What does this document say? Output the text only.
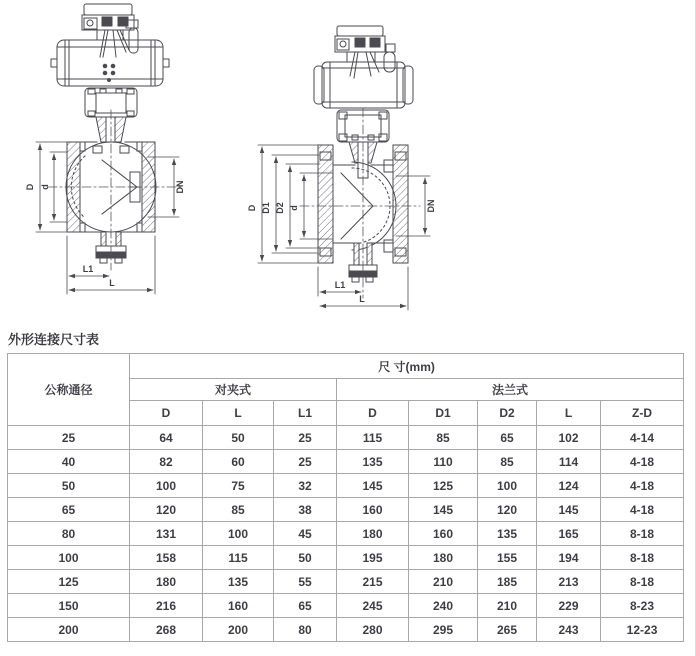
D d	DN
L1
L
D D1 D2 d	DN
L1
L
外形连接尺寸表
公称通径	尺 寸(mm)							
	对夹式			法兰式				
	D	L	L1	D	D1	D2	L	Z-D
25	64	50	25	115	85	65	102	4-14
40	82	60	25	135	110	85	114	4-18
50	100	75	32	145	125	100	124	4-18
65	120	85	38	160	145	120	145	4-18
80	131	100	45	180	160	135	165	8-18
100	158	115	50	195	180	155	194	8-18
125	180	135	55	215	210	185	213	8-18
150	216	160	65	245	240	210	229	8-23
200	268	200	80	280	295	265	243	12-23
